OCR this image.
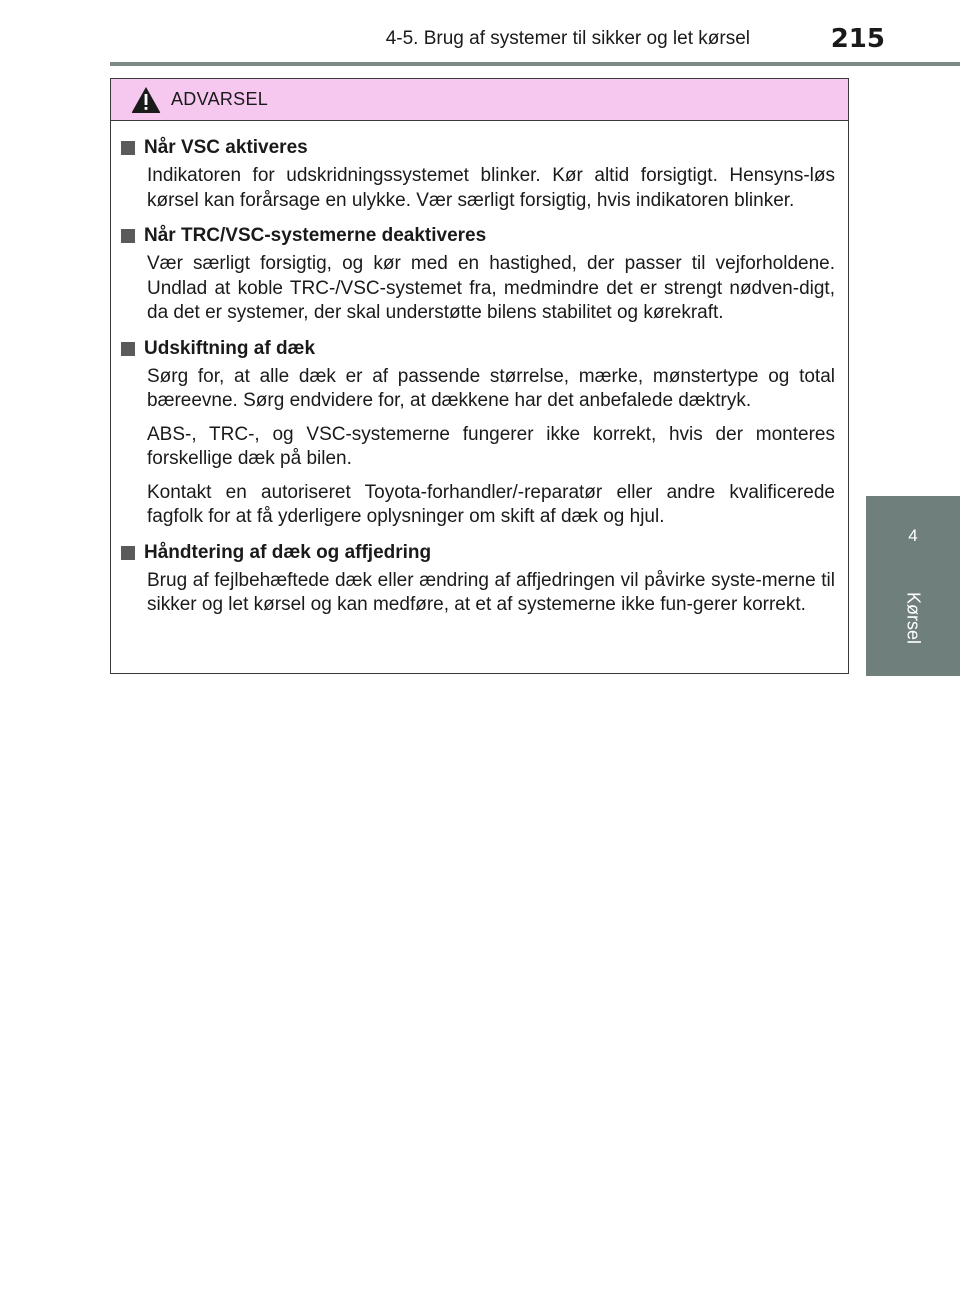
4-5. Brug af systemer til sikker og let kørsel	215
4
Kørsel
ADVARSEL
Når VSC aktiveres

Indikatoren for udskridningssystemet blinker. Kør altid forsigtigt. Hensyns-løs kørsel kan forårsage en ulykke. Vær særligt forsigtig, hvis indikatoren blinker.

Når TRC/VSC-systemerne deaktiveres

Vær særligt forsigtig, og kør med en hastighed, der passer til vejforholdene. Undlad at koble TRC-/VSC-systemet fra, medmindre det er strengt nødven-digt, da det er systemer, der skal understøtte bilens stabilitet og kørekraft.

Udskiftning af dæk

Sørg for, at alle dæk er af passende størrelse, mærke, mønstertype og total bæreevne. Sørg endvidere for, at dækkene har det anbefalede dæktryk.

ABS-, TRC-, og VSC-systemerne fungerer ikke korrekt, hvis der monteres forskellige dæk på bilen.

Kontakt en autoriseret Toyota-forhandler/-reparatør eller andre kvalificerede fagfolk for at få yderligere oplysninger om skift af dæk og hjul.

Håndtering af dæk og affjedring

Brug af fejlbehæftede dæk eller ændring af affjedringen vil påvirke syste-merne til sikker og let kørsel og kan medføre, at et af systemerne ikke fun-gerer korrekt.
